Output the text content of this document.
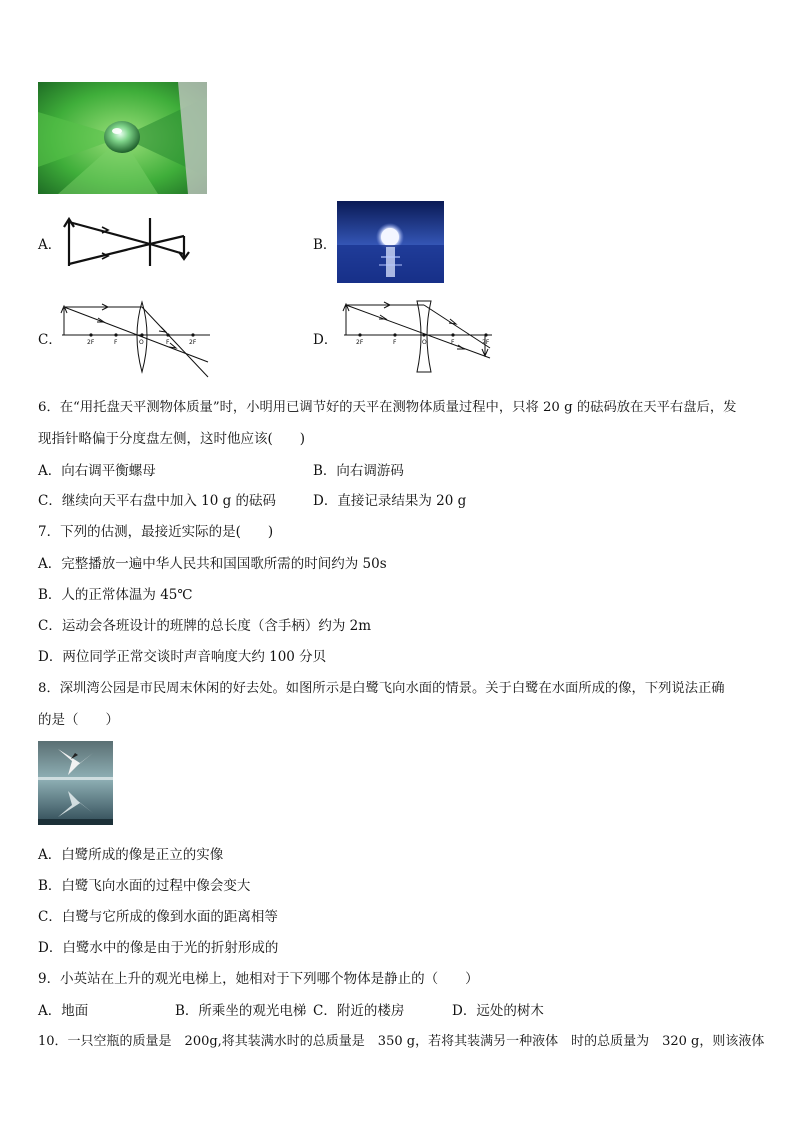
A．	B．
C．	2F	F	O	F	2F	D．	2F	F	O	F	2F
6．在“用托盘天平测物体质量”时，小明用已调节好的天平在测物体质量过程中，只将 20 g 的砝码放在天平右盘后，发
现指针略偏于分度盘左侧，这时他应该(　　)
A．向右调平衡螺母	B．向右调游码
C．继续向天平右盘中加入 10 g 的砝码	D．直接记录结果为 20 g
7．下列的估测，最接近实际的是(　　)
A．完整播放一遍中华人民共和国国歌所需的时间约为 50s
B．人的正常体温为 45℃
C．运动会各班设计的班牌的总长度（含手柄）约为 2m
D．两位同学正常交谈时声音响度大约 100 分贝
8．深圳湾公园是市民周末休闲的好去处。如图所示是白鹭飞向水面的情景。关于白鹭在水面所成的像，下列说法正确
的是（　　）
A．白鹭所成的像是正立的实像
B．白鹭飞向水面的过程中像会变大
C．白鹭与它所成的像到水面的距离相等
D．白鹭水中的像是由于光的折射形成的
9．小英站在上升的观光电梯上，她相对于下列哪个物体是静止的（　　）
A．地面	B．所乘坐的观光电梯 C．附近的楼房	D．远处的树木
10．一只空瓶的质量是　200g,将其装满水时的总质量是　350 g，若将其装满另一种液体　时的总质量为　320 g，则该液体
